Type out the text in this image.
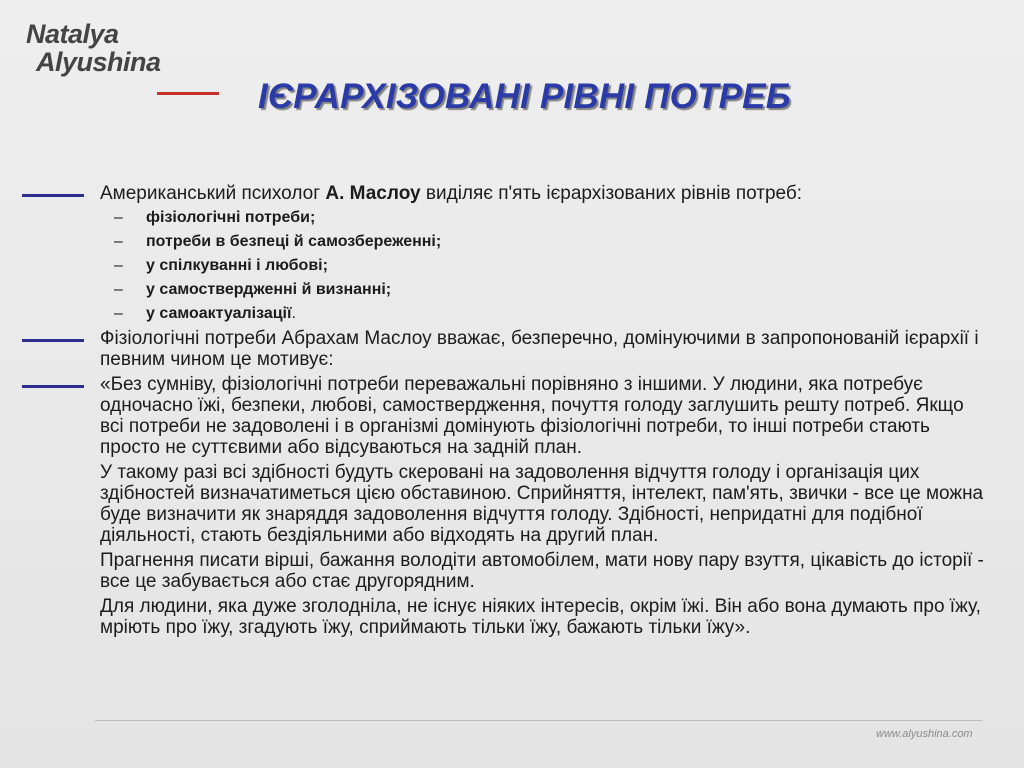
Natalya
Alyushina
ІЄРАРХІЗОВАНІ РІВНІ ПОТРЕБ
Американський психолог А. Маслоу виділяє п'ять ієрархізованих рівнів потреб:
– фізіологічні потреби;
– потреби в безпеці й самозбереженні;
– у спілкуванні і любові;
– у самоствердженні й визнанні;
– у самоактуалізації.
Фізіологічні потреби Абрахам Маслоу вважає, безперечно, домінуючими в запропонованій ієрархії і певним чином це мотивує:
«Без сумніву, фізіологічні потреби переважальні порівняно з іншими. У людини, яка потребує одночасно їжі, безпеки, любові, самоствердження, почуття голоду заглушить решту потреб. Якщо всі потреби не задоволені і в організмі домінують фізіологічні потреби, то інші потреби стають просто не суттєвими або відсуваються на задній план.
У такому разі всі здібності будуть скеровані на задоволення відчуття голоду і організація цих здібностей визначатиметься цією обставиною. Сприйняття, інтелект, пам'ять, звички - все це можна буде визначити як знаряддя задоволення відчуття голоду. Здібності, непридатні для подібної діяльності, стають бездіяльними або відходять на другий план.
Прагнення писати вірші, бажання володіти автомобілем, мати нову пару взуття, цікавість до історії - все це забувається або стає другорядним.
Для людини, яка дуже зголодніла, не існує ніяких інтересів, окрім їжі. Він або вона думають про їжу, мріють про їжу, згадують їжу, сприймають тільки їжу, бажають тільки їжу».
www.alyushina.com
